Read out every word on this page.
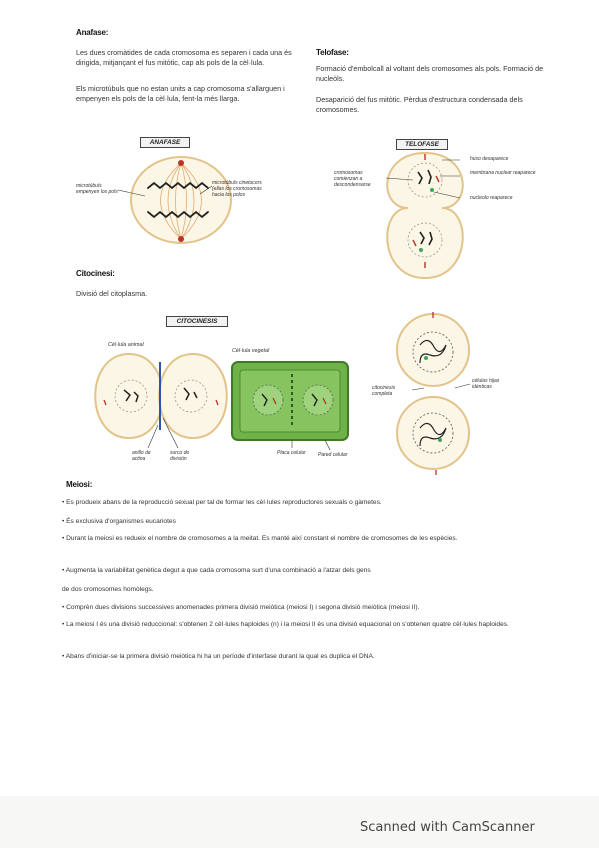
Anafase:
Les dues cromàtides de cada cromosoma es separen i cada una és dirigida, mitjançant el fus mitòtic, cap als pols de la cèl·lula.
Els microtúbuls que no estan units a cap cromosoma s'allarguen i empenyen els pols de la cèl·lula, fent-la més llarga.
Telofase:
Formació d'embolcall al voltant dels cromosomes als pols. Formació de nucleòls.
Desaparició del fus mitòtic. Pèrdua d'estructura condensada dels cromosomes.
ANAFASE
microtúbuls empenyen los pols
microtúbuls cinetocors (ellas los cromosomas hacia los polos
TELOFASE
cromosomas comienzan a descondensarse
huso desaparece
membrana nuclear reaparece
nucleolo reaparece
Citocinesi:
Divisió del citoplasma.
CITOCINESIS
Cèl·lula animal
Cèl·lula vegetal
anillo de actina
surco de división
Placa celular Pared celular
citocinesis completa
células hijas idénticas
Meiosi:
• Es produeix abans de la reproducció sexual per tal de formar les cèl·lules reproductores sexuals o gàmetes.
• És exclusiva d'organismes eucariotes
• Durant la meiosi es redueix el nombre de cromosomes a la meitat. Es manté així constant el nombre de cromosomes de les espècies.
• Augmenta la variabilitat genètica degut a que cada cromosoma surt d'una combinació a l'atzar dels gens
de dos cromosomes homòlegs.
• Comprèn dues divisions successives anomenades primera divisió meiòtica (meiosi I) i segona divisió meiòtica (meiosi II).
• La meiosi I és una divisió reduccional: s'obtenen 2 cèl·lules haploides (n) i la meiosi II és una divisió equacional on s'obtenen quatre cèl·lules haploides.
• Abans d'iniciar-se la primera divisió meiòtica hi ha un període d'interfase durant la qual es duplica el DNA.
Scanned with CamScanner
